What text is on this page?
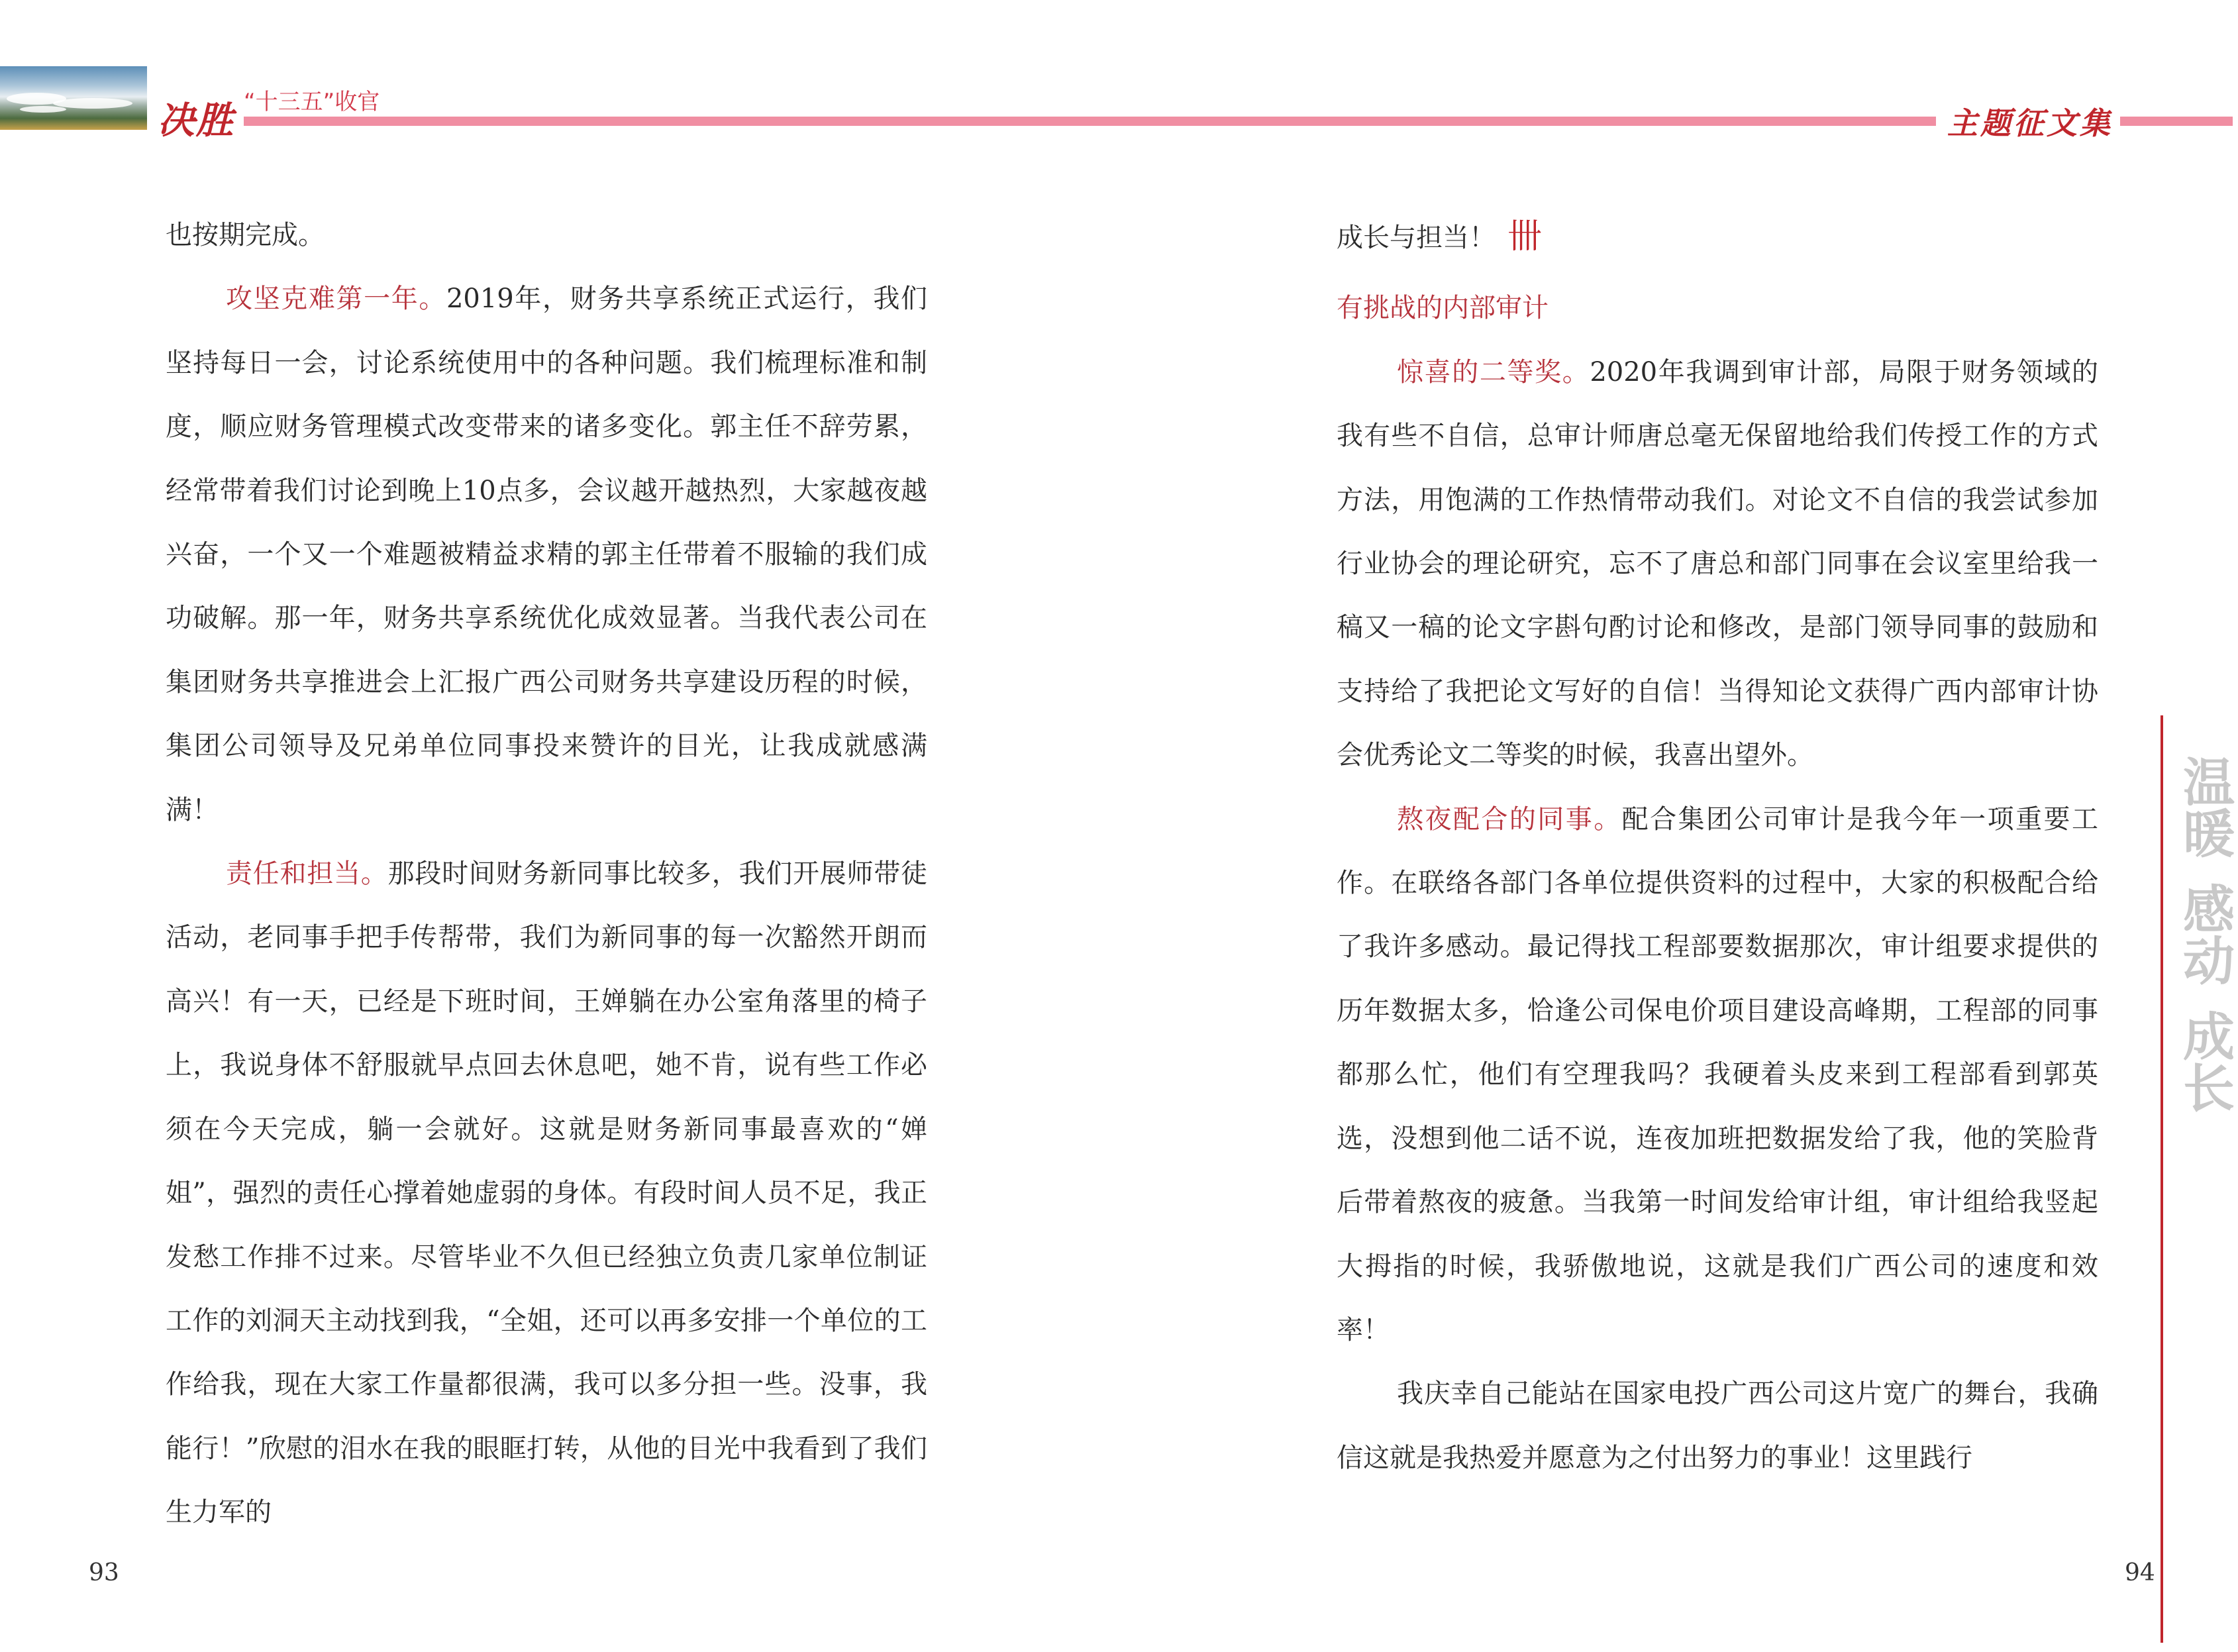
决胜 “十三五”收官
主题征文集

也按期完成。

攻坚克难第一年。2019年，财务共享系统正式运行，我们坚持每日一会，讨论系统使用中的各种问题。我们梳理标准和制度，顺应财务管理模式改变带来的诸多变化。郭主任不辞劳累，经常带着我们讨论到晚上10点多，会议越开越热烈，大家越夜越兴奋，一个又一个难题被精益求精的郭主任带着不服输的我们成功破解。那一年，财务共享系统优化成效显著。当我代表公司在集团财务共享推进会上汇报广西公司财务共享建设历程的时候，集团公司领导及兄弟单位同事投来赞许的目光，让我成就感满满！

责任和担当。那段时间财务新同事比较多，我们开展师带徒活动，老同事手把手传帮带，我们为新同事的每一次豁然开朗而高兴！有一天，已经是下班时间，王婵躺在办公室角落里的椅子上，我说身体不舒服就早点回去休息吧，她不肯，说有些工作必须在今天完成，躺一会就好。这就是财务新同事最喜欢的“婵姐”，强烈的责任心撑着她虚弱的身体。有段时间人员不足，我正发愁工作排不过来。尽管毕业不久但已经独立负责几家单位制证工作的刘洞天主动找到我，“全姐，还可以再多安排一个单位的工作给我，现在大家工作量都很满，我可以多分担一些。没事，我能行！”欣慰的泪水在我的眼眶打转，从他的目光中我看到了我们生力军的

93

成长与担当！ 卌

有挑战的内部审计

惊喜的二等奖。2020年我调到审计部，局限于财务领域的我有些不自信，总审计师唐总毫无保留地给我们传授工作的方式方法，用饱满的工作热情带动我们。对论文不自信的我尝试参加行业协会的理论研究，忘不了唐总和部门同事在会议室里给我一稿又一稿的论文字斟句酌讨论和修改，是部门领导同事的鼓励和支持给了我把论文写好的自信！当得知论文获得广西内部审计协会优秀论文二等奖的时候，我喜出望外。

熬夜配合的同事。配合集团公司审计是我今年一项重要工作。在联络各部门各单位提供资料的过程中，大家的积极配合给了我许多感动。最记得找工程部要数据那次，审计组要求提供的历年数据太多，恰逢公司保电价项目建设高峰期，工程部的同事都那么忙，他们有空理我吗？我硬着头皮来到工程部看到郭英选，没想到他二话不说，连夜加班把数据发给了我，他的笑脸背后带着熬夜的疲惫。当我第一时间发给审计组，审计组给我竖起大拇指的时候，我骄傲地说，这就是我们广西公司的速度和效率！

我庆幸自己能站在国家电投广西公司这片宽广的舞台，我确信这就是我热爱并愿意为之付出努力的事业！这里践行

94
温暖
感动
成长
